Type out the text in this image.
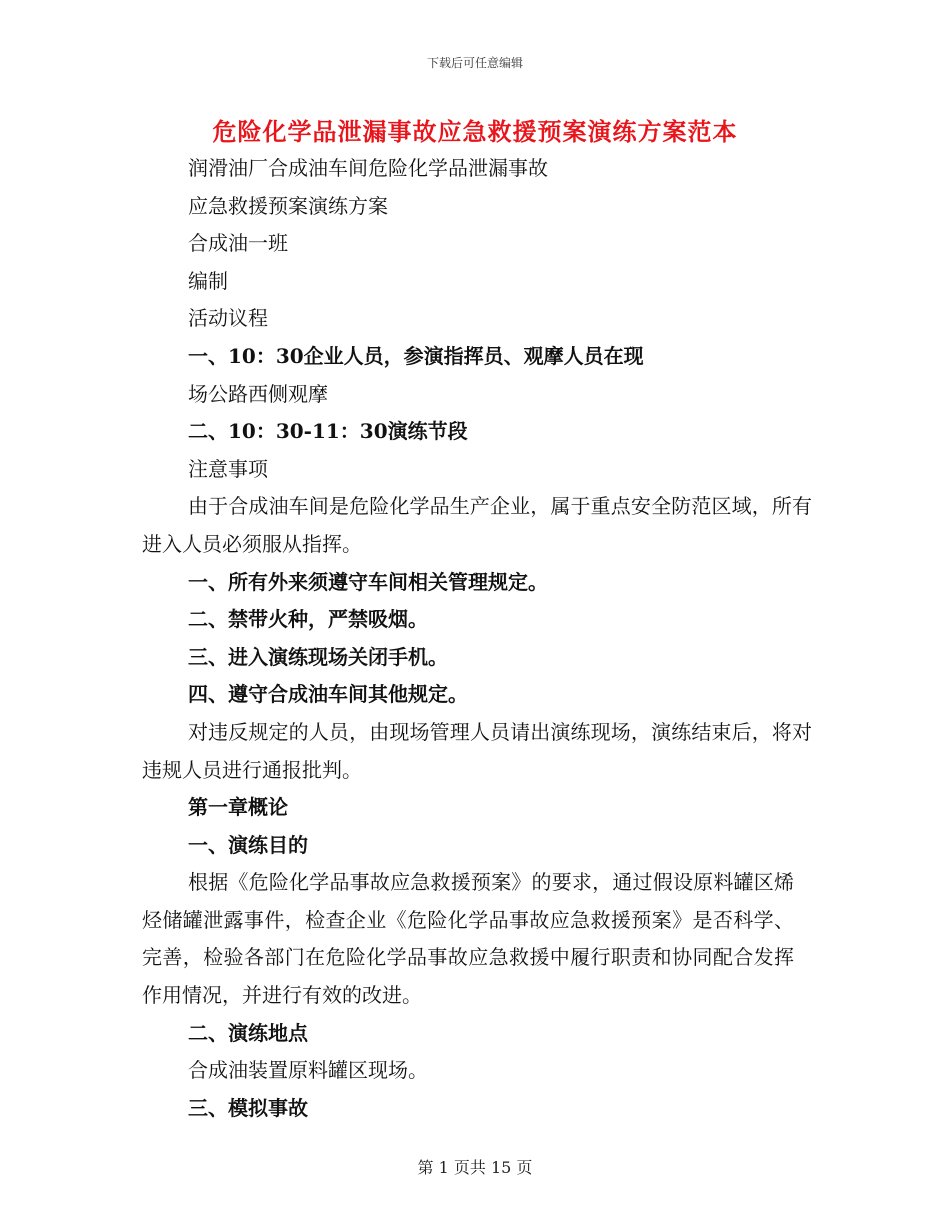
下载后可任意编辑
危险化学品泄漏事故应急救援预案演练方案范本

润滑油厂合成油车间危险化学品泄漏事故

应急救援预案演练方案

合成油一班

编制

活动议程

一、10：30企业人员，参演指挥员、观摩人员在现

场公路西侧观摩

二、10：30-11：30演练节段

注意事项

由于合成油车间是危险化学品生产企业，属于重点安全防范区域，所有进入人员必须服从指挥。

一、所有外来须遵守车间相关管理规定。

二、禁带火种，严禁吸烟。

三、进入演练现场关闭手机。

四、遵守合成油车间其他规定。

对违反规定的人员，由现场管理人员请出演练现场，演练结束后，将对违规人员进行通报批判。

第一章概论

一、演练目的

根据《危险化学品事故应急救援预案》的要求，通过假设原料罐区烯烃储罐泄露事件，检查企业《危险化学品事故应急救援预案》是否科学、完善，检验各部门在危险化学品事故应急救援中履行职责和协同配合发挥作用情况，并进行有效的改进。

二、演练地点

合成油装置原料罐区现场。

三、模拟事故

第 1 页共 15 页
